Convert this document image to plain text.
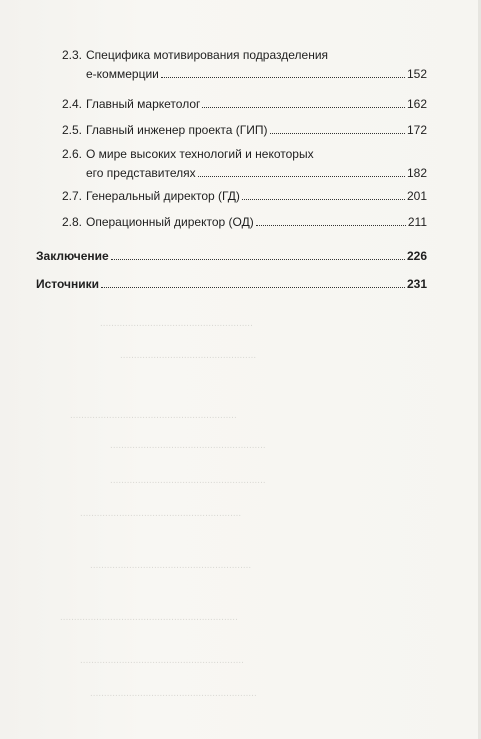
.......................................................
.................................................
............................................................
........................................................
........................................................
..........................................................
..........................................................
................................................................
...........................................................
............................................................
2.3. Специфика мотивирования подразделения
е-коммерции	152
2.4. Главный маркетолог	162
2.5. Главный инженер проекта (ГИП)	172
2.6. О мире высоких технологий и некоторых
его представителях	182
2.7. Генеральный директор (ГД)	201
2.8. Операционный директор (ОД)	211
Заключение	226
Источники	231
